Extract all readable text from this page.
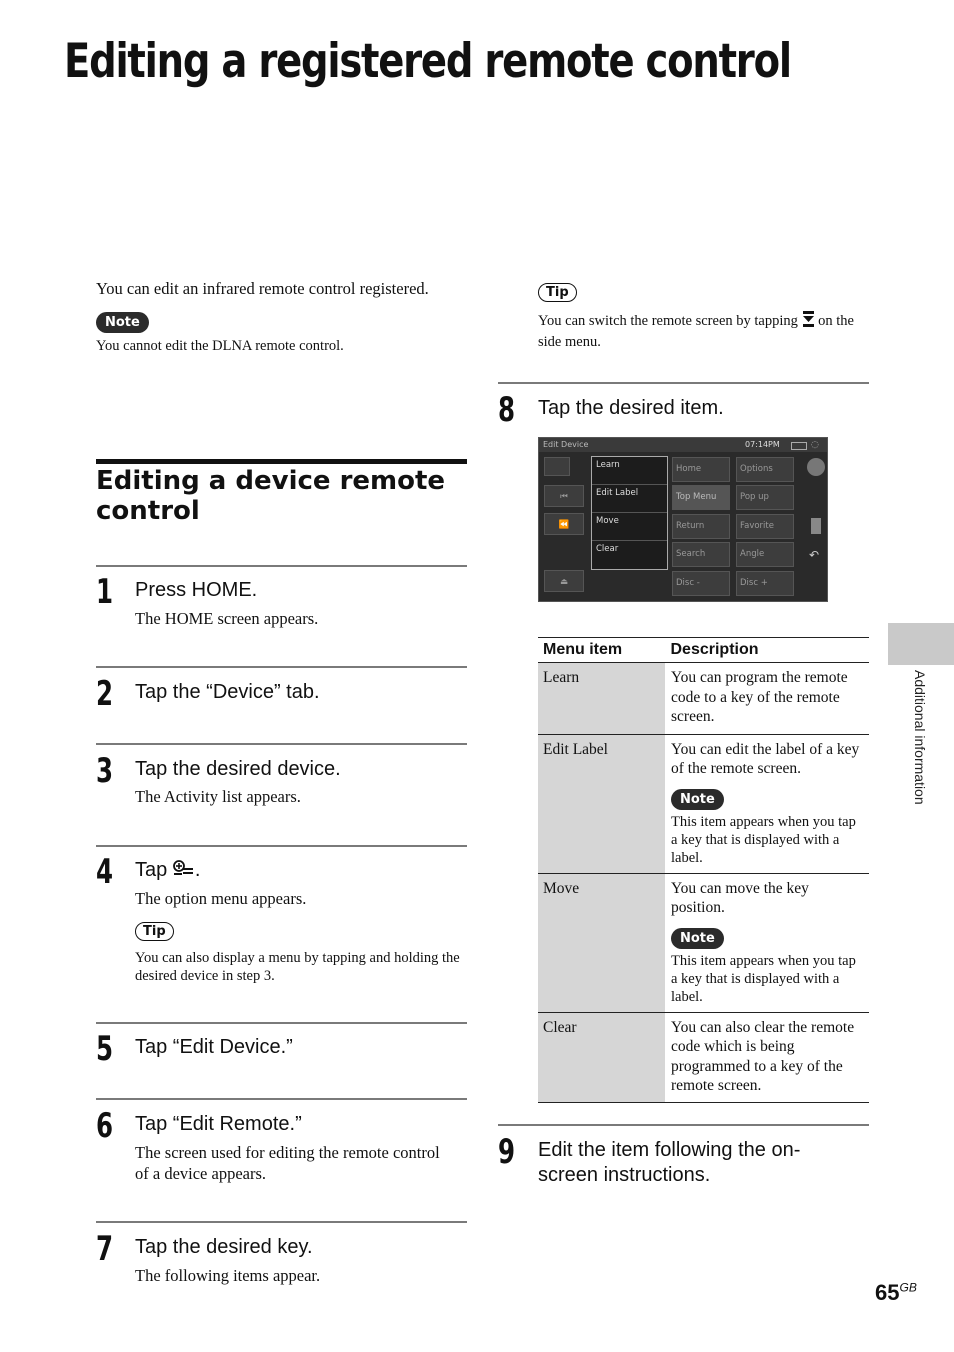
Editing a registered remote control
You can edit an infrared remote control registered.
Note
You cannot edit the DLNA remote control.
Tip
You can switch the remote screen by tapping on the side menu.
Editing a device remote control
1 Press HOME.
The HOME screen appears.
2 Tap the “Device” tab.
3 Tap the desired device.
The Activity list appears.
4 Tap .
The option menu appears.
Tip
You can also display a menu by tapping and holding the desired device in step 3.
5 Tap “Edit Device.”
6 Tap “Edit Remote.”
The screen used for editing the remote control of a device appears.
7 Tap the desired key.
The following items appear.
8 Tap the desired item.
Edit Device	07:14PM	◌
⏮
⏪
⏏
Home	Options
Top Menu	Pop up
Return	Favorite
Search	Angle
Disc -	Disc +
↶
Learn
Edit Label
Move
Clear
Menu item	Description
Learn	You can program the remote code to a key of the remote screen.

Edit Label	You can edit the label of a key of the remote screen.
Note
This item appears when you tap a key that is displayed with a label.

Move	You can move the key position.
Note
This item appears when you tap a key that is displayed with a label.

Clear	You can also clear the remote code which is being programmed to a key of the remote screen.
9 Edit the item following the on-screen instructions.
Additional information
$65^{GB}$
